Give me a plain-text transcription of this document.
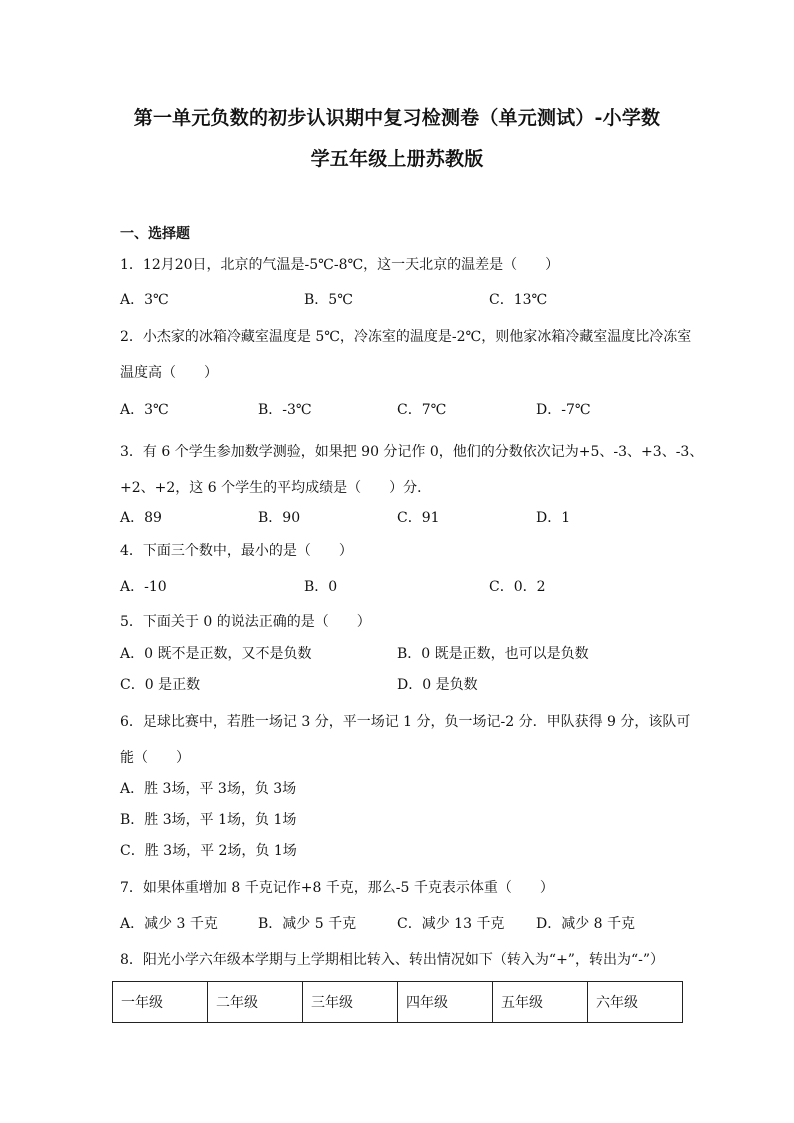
第一单元负数的初步认识期中复习检测卷（单元测试）-小学数
学五年级上册苏教版
一、选择题
1．12月20日，北京的气温是-5℃-8℃，这一天北京的温差是（　　）
A．3℃	B．5℃	C．13℃
2．小杰家的冰箱冷藏室温度是 5℃，冷冻室的温度是-2℃，则他家冰箱冷藏室温度比冷冻室
温度高（　　）
A．3℃	B．-3℃	C．7℃	D．-7℃
3．有 6 个学生参加数学测验，如果把 90 分记作 0，他们的分数依次记为+5、-3、+3、-3、
+2、+2，这 6 个学生的平均成绩是（　　）分．
A．89	B．90	C．91	D．1
4．下面三个数中，最小的是（　　）
A．-10	B．0	C．0．2
5．下面关于 0 的说法正确的是（　　）
A．0 既不是正数，又不是负数	B．0 既是正数，也可以是负数
C．0 是正数	D．0 是负数
6．足球比赛中，若胜一场记 3 分，平一场记 1 分，负一场记-2 分．甲队获得 9 分，该队可
能（　　）
A．胜 3场，平 3场，负 3场
B．胜 3场，平 1场，负 1场
C．胜 3场，平 2场，负 1场
7．如果体重增加 8 千克记作+8 千克，那么-5 千克表示体重（　　）
A．减少 3 千克	B．减少 5 千克	C．减少 13 千克 D．减少 8 千克
8．阳光小学六年级本学期与上学期相比转入、转出情况如下（转入为“+”，转出为“-”）
一年级	二年级	三年级	四年级	五年级	六年级
